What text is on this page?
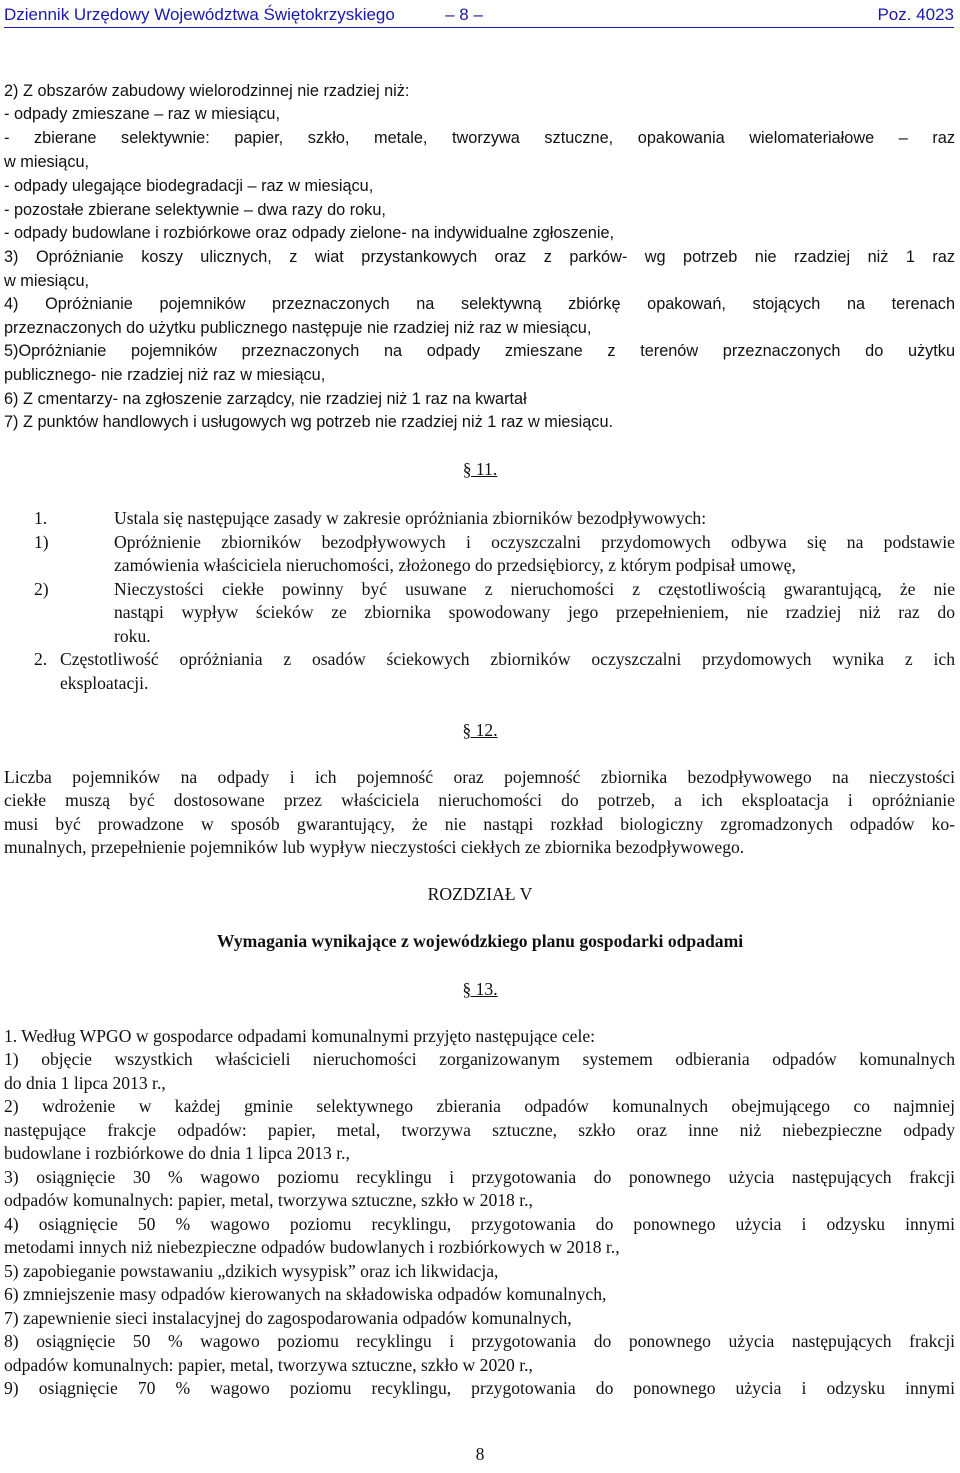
Dziennik Urzędowy Województwa Świętokrzyskiego	– 8 –	Poz. 4023
2) Z obszarów zabudowy wielorodzinnej nie rzadziej niż:
- odpady zmieszane – raz w miesiącu,
- zbierane selektywnie: papier, szkło, metale, tworzywa sztuczne, opakowania wielomateriałowe – raz
w miesiącu,
- odpady ulegające biodegradacji – raz w miesiącu,
- pozostałe zbierane selektywnie – dwa razy do roku,
- odpady budowlane i rozbiórkowe oraz odpady zielone- na indywidualne zgłoszenie,
3) Opróżnianie koszy ulicznych, z wiat przystankowych oraz z parków- wg potrzeb nie rzadziej niż 1 raz
w miesiącu,
4) Opróżnianie pojemników przeznaczonych na selektywną zbiórkę opakowań, stojących na terenach
przeznaczonych do użytku publicznego następuje nie rzadziej niż raz w miesiącu,
5)Opróżnianie pojemników przeznaczonych na odpady zmieszane z terenów przeznaczonych do użytku
publicznego- nie rzadziej niż raz w miesiącu,
6) Z cmentarzy- na zgłoszenie zarządcy, nie rzadziej niż 1 raz na kwartał
7) Z punktów handlowych i usługowych wg potrzeb nie rzadziej niż 1 raz w miesiącu.
§ 11.
1.	Ustala się następujące zasady w zakresie opróżniania zbiorników bezodpływowych:
1)	Opróżnienie zbiorników bezodpływowych i oczyszczalni przydomowych odbywa się na podstawie
zamówienia właściciela nieruchomości, złożonego do przedsiębiorcy, z którym podpisał umowę,
2)	Nieczystości ciekłe powinny być usuwane z nieruchomości z częstotliwością gwarantującą, że nie
nastąpi wypływ ścieków ze zbiornika spowodowany jego przepełnieniem, nie rzadziej niż raz do
roku.
2. Częstotliwość opróżniania z osadów ściekowych zbiorników oczyszczalni przydomowych wynika z ich
eksploatacji.
§ 12.
Liczba pojemników na odpady i ich pojemność oraz pojemność zbiornika bezodpływowego na nieczystości
ciekłe muszą być dostosowane przez właściciela nieruchomości do potrzeb, a ich eksploatacja i opróżnianie
musi być prowadzone w sposób gwarantujący, że nie nastąpi rozkład biologiczny zgromadzonych odpadów ko-
munalnych, przepełnienie pojemników lub wypływ nieczystości ciekłych ze zbiornika bezodpływowego.
ROZDZIAŁ V
Wymagania wynikające z wojewódzkiego planu gospodarki odpadami
§ 13.
1. Według WPGO w gospodarce odpadami komunalnymi przyjęto następujące cele:
1) objęcie wszystkich właścicieli nieruchomości zorganizowanym systemem odbierania odpadów komunalnych
do dnia 1 lipca 2013 r.,
2) wdrożenie w każdej gminie selektywnego zbierania odpadów komunalnych obejmującego co najmniej
następujące frakcje odpadów: papier, metal, tworzywa sztuczne, szkło oraz inne niż niebezpieczne odpady
budowlane i rozbiórkowe do dnia 1 lipca 2013 r.,
3) osiągnięcie 30 % wagowo poziomu recyklingu i przygotowania do ponownego użycia następujących frakcji
odpadów komunalnych: papier, metal, tworzywa sztuczne, szkło w 2018 r.,
4) osiągnięcie 50 % wagowo poziomu recyklingu, przygotowania do ponownego użycia i odzysku innymi
metodami innych niż niebezpieczne odpadów budowlanych i rozbiórkowych w 2018 r.,
5) zapobieganie powstawaniu „dzikich wysypisk” oraz ich likwidacja,
6) zmniejszenie masy odpadów kierowanych na składowiska odpadów komunalnych,
7) zapewnienie sieci instalacyjnej do zagospodarowania odpadów komunalnych,
8) osiągnięcie 50 % wagowo poziomu recyklingu i przygotowania do ponownego użycia następujących frakcji
odpadów komunalnych: papier, metal, tworzywa sztuczne, szkło w 2020 r.,
9) osiągnięcie 70 % wagowo poziomu recyklingu, przygotowania do ponownego użycia i odzysku innymi
8
